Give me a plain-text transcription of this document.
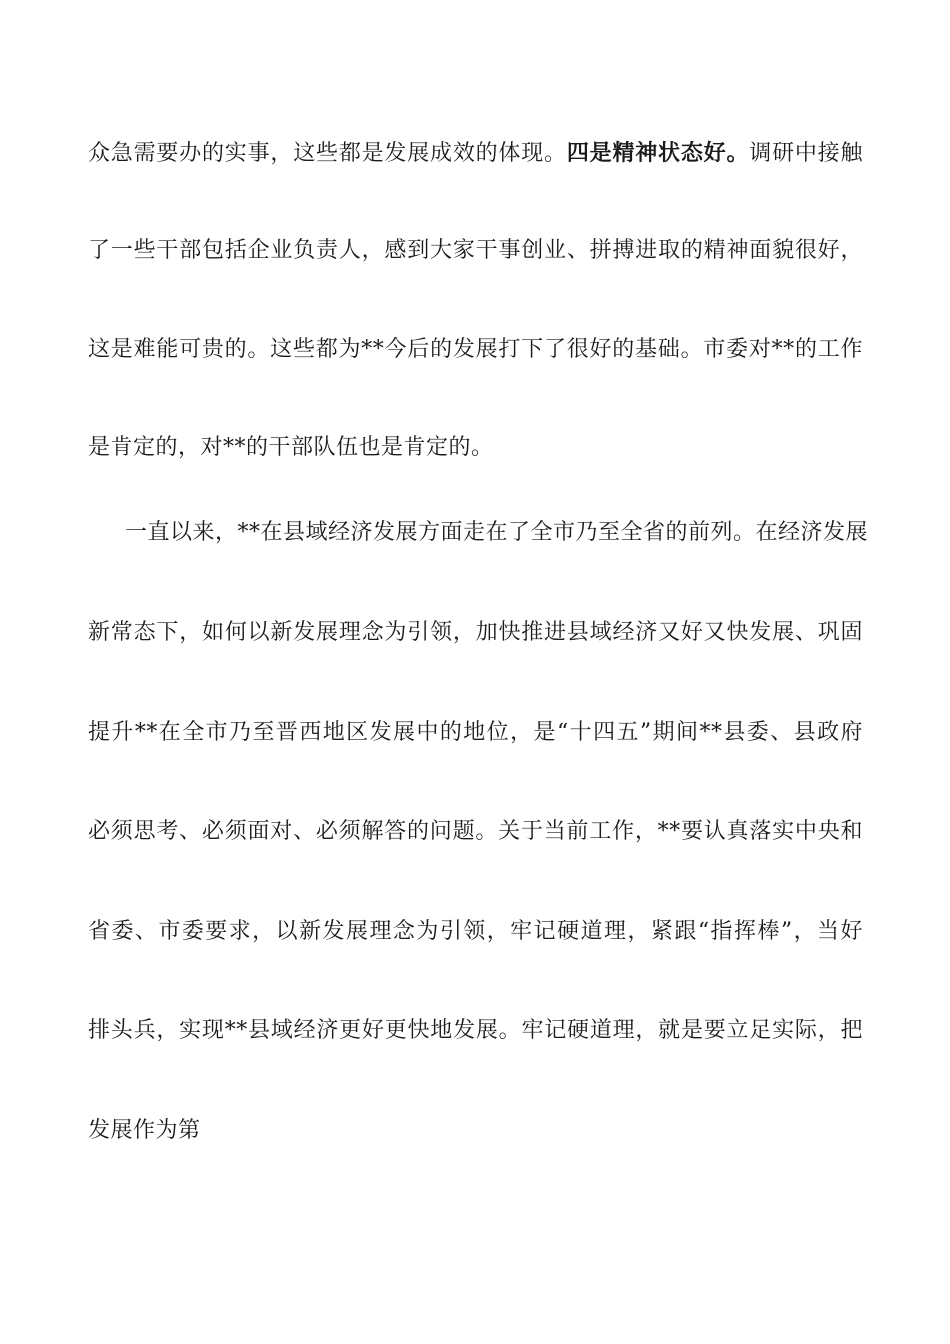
众急需要办的实事，这些都是发展成效的体现。四是精神状态好。调研中接触
了一些干部包括企业负责人，感到大家干事创业、拼搏进取的精神面貌很好，
这是难能可贵的。这些都为**今后的发展打下了很好的基础。市委对**的工作
是肯定的，对**的干部队伍也是肯定的。
一直以来，**在县域经济发展方面走在了全市乃至全省的前列。在经济发展
新常态下，如何以新发展理念为引领，加快推进县域经济又好又快发展、巩固
提升**在全市乃至晋西地区发展中的地位，是“十四五”期间**县委、县政府
必须思考、必须面对、必须解答的问题。关于当前工作，**要认真落实中央和
省委、市委要求，以新发展理念为引领，牢记硬道理，紧跟“指挥棒”，当好
排头兵，实现**县域经济更好更快地发展。牢记硬道理，就是要立足实际，把
发展作为第
